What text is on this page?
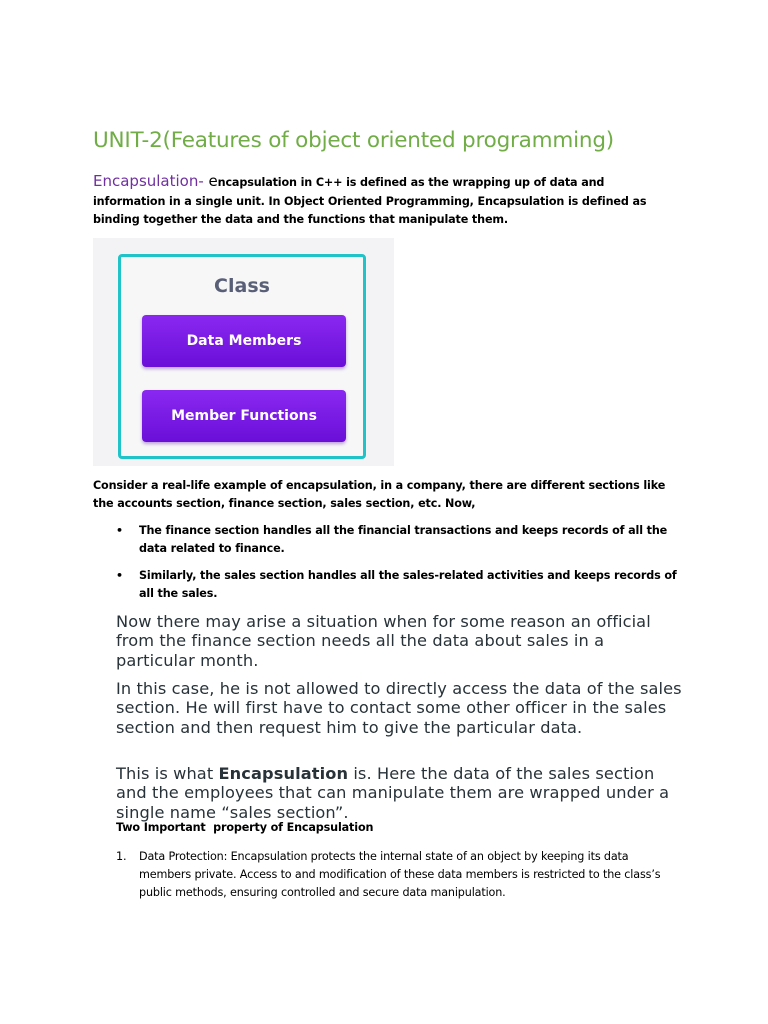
UNIT-2(Features of object oriented programming)
Encapsulation- encapsulation in C++ is defined as the wrapping up of data and information in a single unit. In Object Oriented Programming, Encapsulation is defined as binding together the data and the functions that manipulate them.
Class
Data Members
Member Functions
Consider a real-life example of encapsulation, in a company, there are different sections like the accounts section, finance section, sales section, etc. Now,
• The finance section handles all the financial transactions and keeps records of all the data related to finance.
• Similarly, the sales section handles all the sales-related activities and keeps records of all the sales.
Now there may arise a situation when for some reason an official from the finance section needs all the data about sales in a particular month.
In this case, he is not allowed to directly access the data of the sales section. He will first have to contact some other officer in the sales section and then request him to give the particular data.
This is what Encapsulation is. Here the data of the sales section and the employees that can manipulate them are wrapped under a single name “sales section”.
Two Important  property of Encapsulation
1. Data Protection: Encapsulation protects the internal state of an object by keeping its data members private. Access to and modification of these data members is restricted to the class’s public methods, ensuring controlled and secure data manipulation.
